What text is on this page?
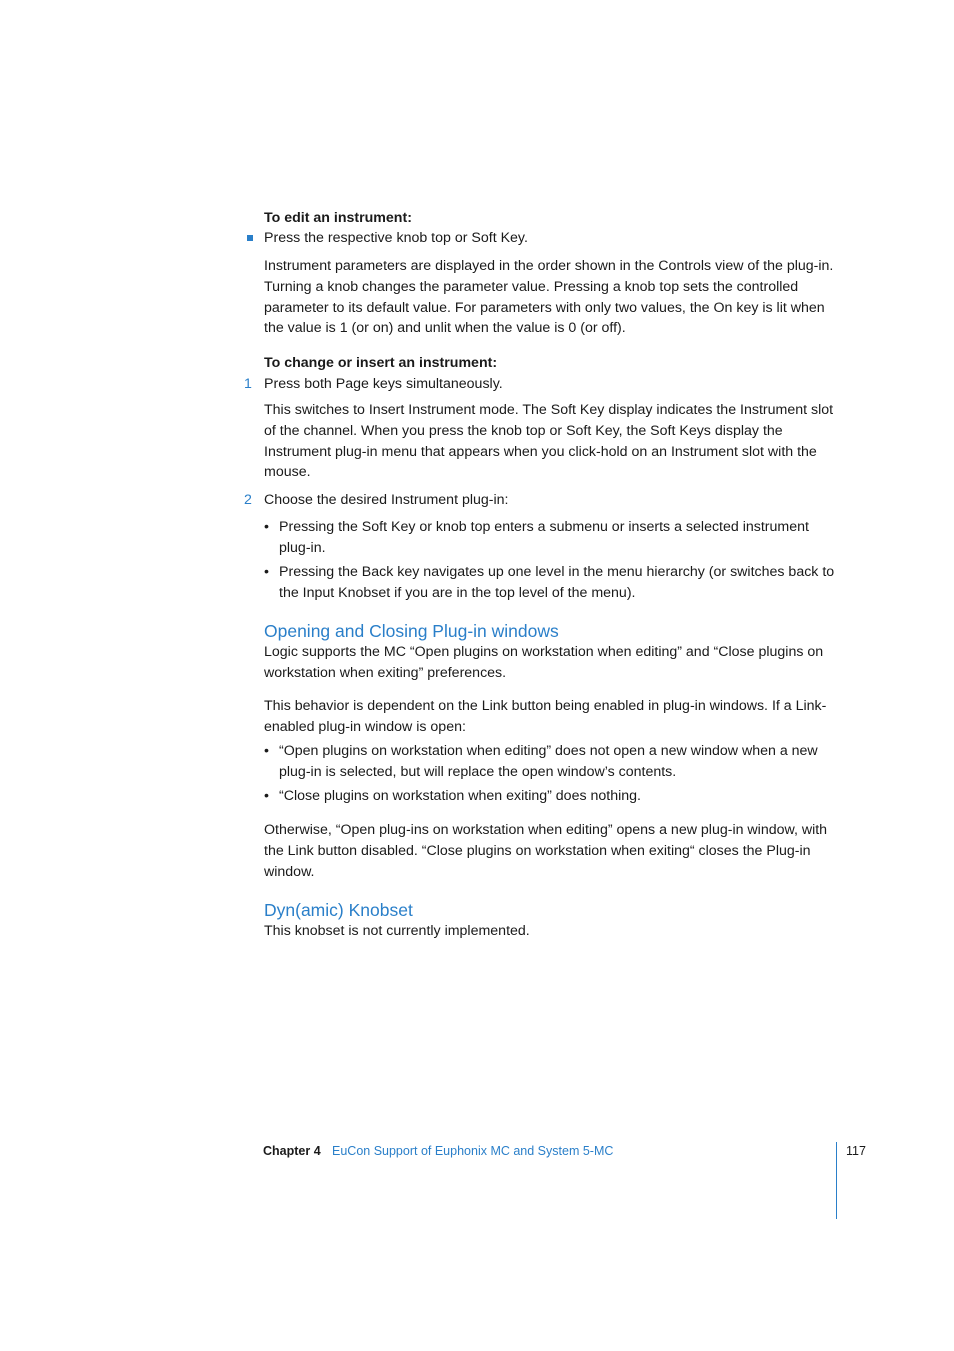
To edit an instrument:
Press the respective knob top or Soft Key.
Instrument parameters are displayed in the order shown in the Controls view of the plug-in. Turning a knob changes the parameter value. Pressing a knob top sets the controlled parameter to its default value. For parameters with only two values, the On key is lit when the value is 1 (or on) and unlit when the value is 0 (or off).
To change or insert an instrument:
1 Press both Page keys simultaneously.
This switches to Insert Instrument mode. The Soft Key display indicates the Instrument slot of the channel. When you press the knob top or Soft Key, the Soft Keys display the Instrument plug-in menu that appears when you click-hold on an Instrument slot with the mouse.
2 Choose the desired Instrument plug-in:
• Pressing the Soft Key or knob top enters a submenu or inserts a selected instrument plug-in.
• Pressing the Back key navigates up one level in the menu hierarchy (or switches back to the Input Knobset if you are in the top level of the menu).
Opening and Closing Plug-in windows
Logic supports the MC “Open plugins on workstation when editing” and “Close plugins on workstation when exiting” preferences.
This behavior is dependent on the Link button being enabled in plug-in windows. If a Link-enabled plug-in window is open:
• “Open plugins on workstation when editing” does not open a new window when a new plug-in is selected, but will replace the open window’s contents.
• “Close plugins on workstation when exiting” does nothing.
Otherwise, “Open plug-ins on workstation when editing” opens a new plug-in window, with the Link button disabled. “Close plugins on workstation when exiting“ closes the Plug-in window.
Dyn(amic) Knobset
This knobset is not currently implemented.
Chapter 4 EuCon Support of Euphonix MC and System 5-MC	117
